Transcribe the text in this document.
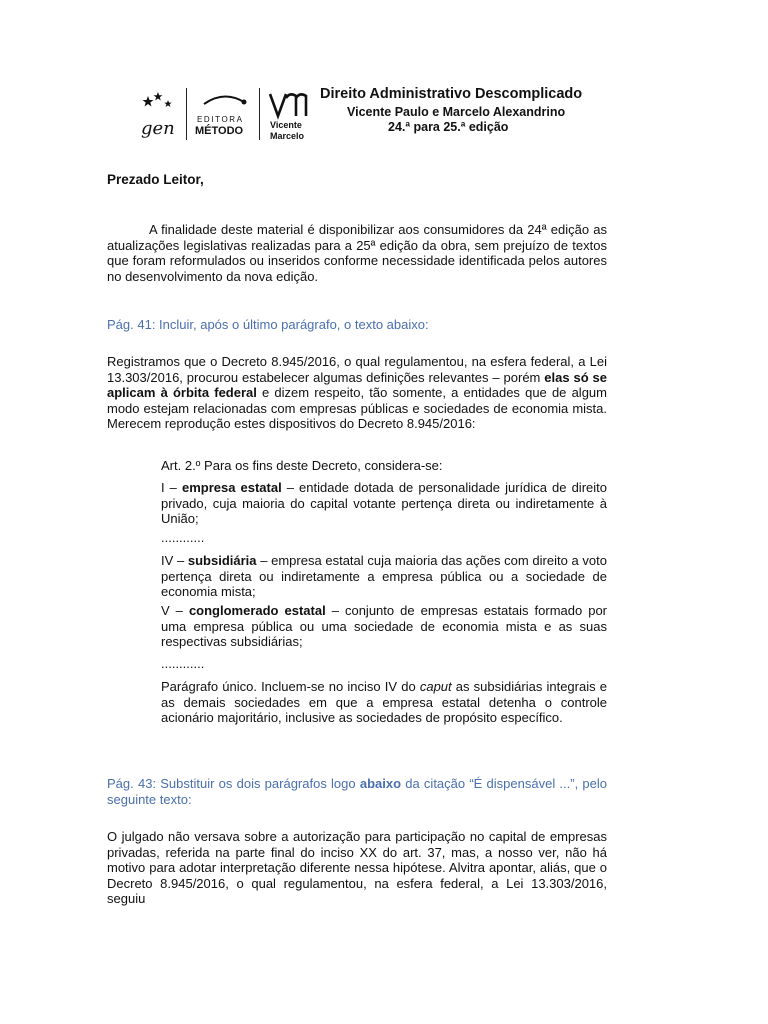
gen	EDITORA
MÉTODO	Vicente
Marcelo
Direito Administrativo Descomplicado
Vicente Paulo e Marcelo Alexandrino
24.ª para 25.ª edição
Prezado Leitor,
A finalidade deste material é disponibilizar aos consumidores da 24ª edição as atualizações legislativas realizadas para a 25ª edição da obra, sem prejuízo de textos que foram reformulados ou inseridos conforme necessidade identificada pelos autores no desenvolvimento da nova edição.
Pág. 41: Incluir, após o último parágrafo, o texto abaixo:
Registramos que o Decreto 8.945/2016, o qual regulamentou, na esfera federal, a Lei 13.303/2016, procurou estabelecer algumas definições relevantes – porém elas só se aplicam à órbita federal e dizem respeito, tão somente, a entidades que de algum modo estejam relacionadas com empresas públicas e sociedades de economia mista. Merecem reprodução estes dispositivos do Decreto 8.945/2016:
Art. 2.º Para os fins deste Decreto, considera-se:
I – empresa estatal – entidade dotada de personalidade jurídica de direito privado, cuja maioria do capital votante pertença direta ou indiretamente à União;
............
IV – subsidiária – empresa estatal cuja maioria das ações com direito a voto pertença direta ou indiretamente a empresa pública ou a sociedade de economia mista;
V – conglomerado estatal – conjunto de empresas estatais formado por uma empresa pública ou uma sociedade de economia mista e as suas respectivas subsidiárias;
............
Parágrafo único. Incluem-se no inciso IV do caput as subsidiárias integrais e as demais sociedades em que a empresa estatal detenha o controle acionário majoritário, inclusive as sociedades de propósito específico.
Pág. 43: Substituir os dois parágrafos logo abaixo da citação “É dispensável ...”, pelo seguinte texto:
O julgado não versava sobre a autorização para participação no capital de empresas privadas, referida na parte final do inciso XX do art. 37, mas, a nosso ver, não há motivo para adotar interpretação diferente nessa hipótese. Alvitra apontar, aliás, que o Decreto 8.945/2016, o qual regulamentou, na esfera federal, a Lei 13.303/2016, seguiu
